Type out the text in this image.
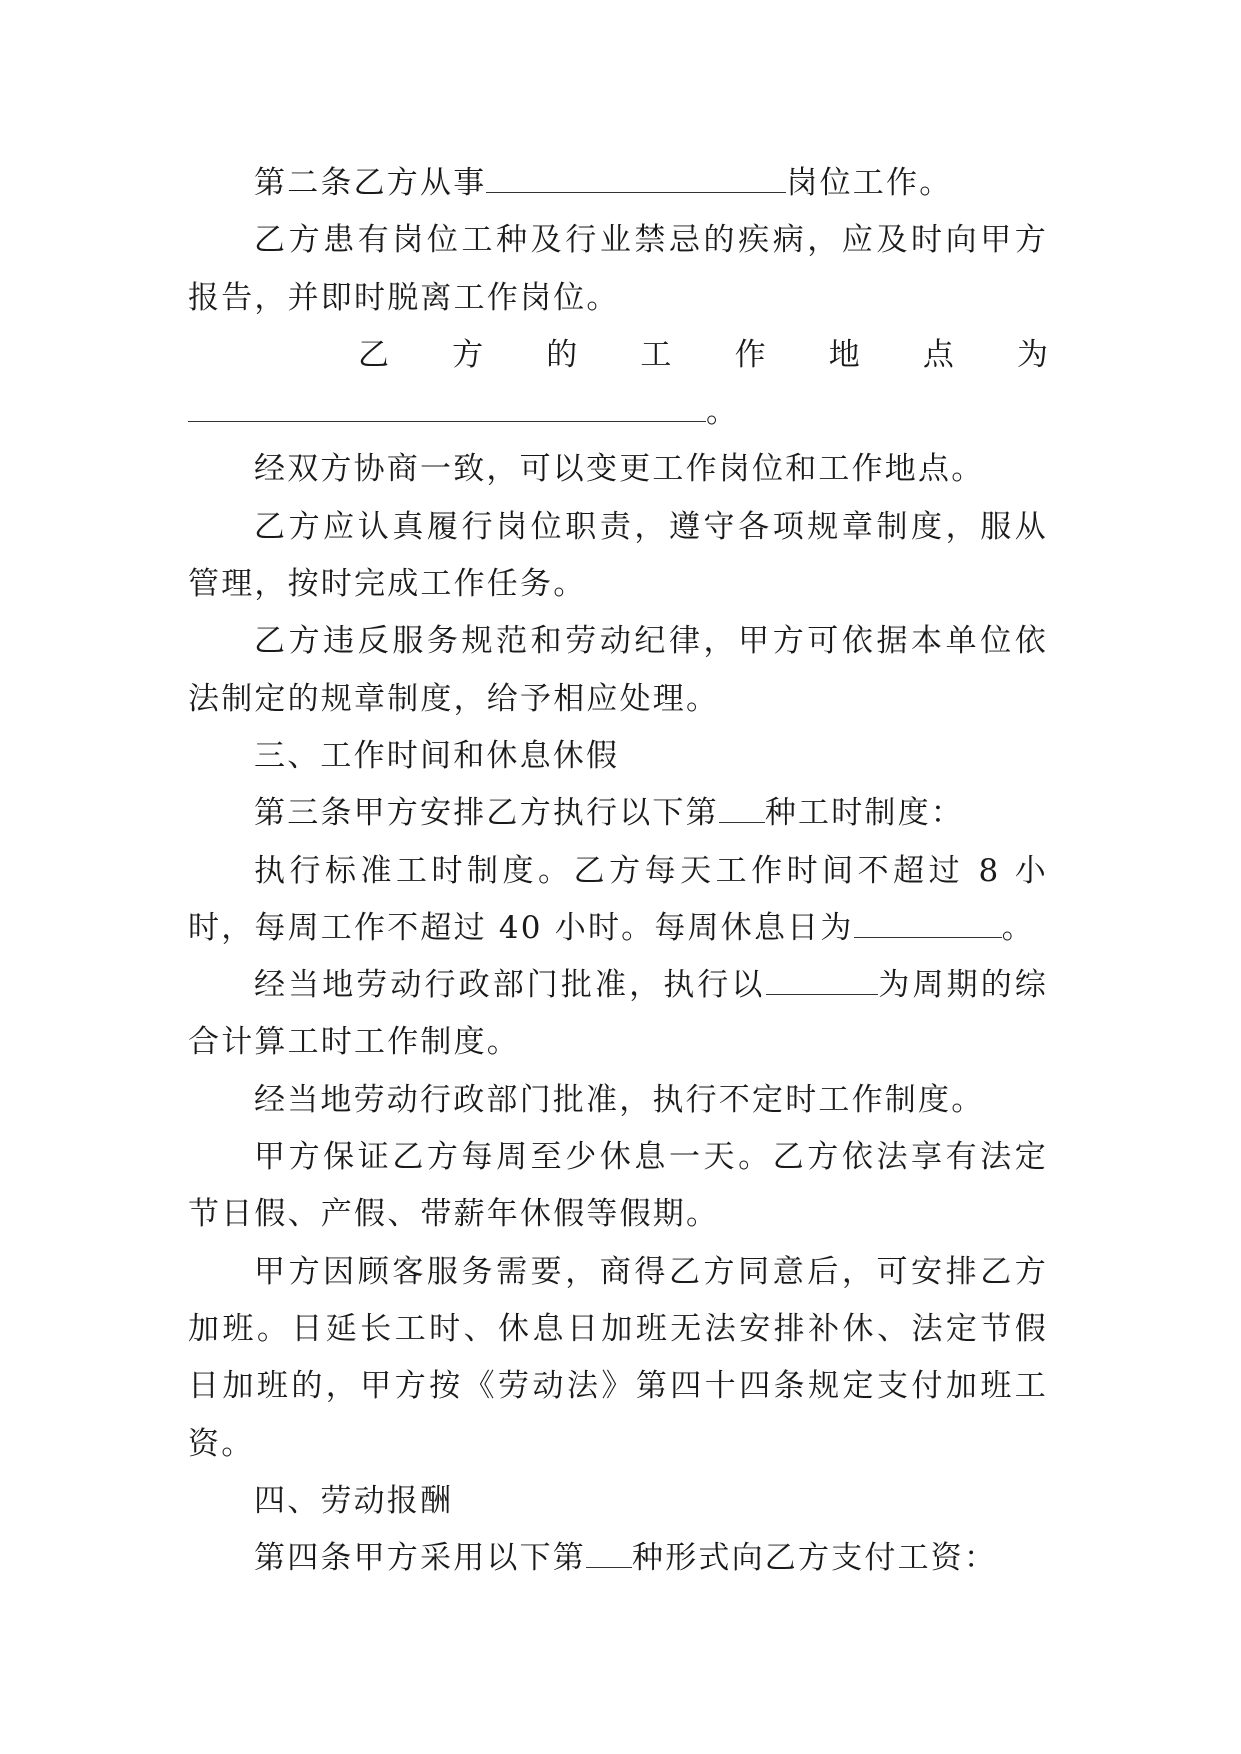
第二条乙方从事	岗位工作。

乙方患有岗位工种及行业禁忌的疾病，应及时向甲方报告，并即时脱离工作岗位。

乙 方 的 工 作 地 点 为

。

经双方协商一致，可以变更工作岗位和工作地点。

乙方应认真履行岗位职责，遵守各项规章制度，服从管理，按时完成工作任务。

乙方违反服务规范和劳动纪律，甲方可依据本单位依法制定的规章制度，给予相应处理。

三、工作时间和休息休假

第三条甲方安排乙方执行以下第 种工时制度：

执行标准工时制度。乙方每天工作时间不超过 8 小时，每周工作不超过 40 小时。每周休息日为	。

经当地劳动行政部门批准，执行以	为周期的综合计算工时工作制度。

经当地劳动行政部门批准，执行不定时工作制度。

甲方保证乙方每周至少休息一天。乙方依法享有法定节日假、产假、带薪年休假等假期。

甲方因顾客服务需要，商得乙方同意后，可安排乙方加班。日延长工时、休息日加班无法安排补休、法定节假日加班的，甲方按《劳动法》第四十四条规定支付加班工资。

四、劳动报酬

第四条甲方采用以下第 种形式向乙方支付工资：
